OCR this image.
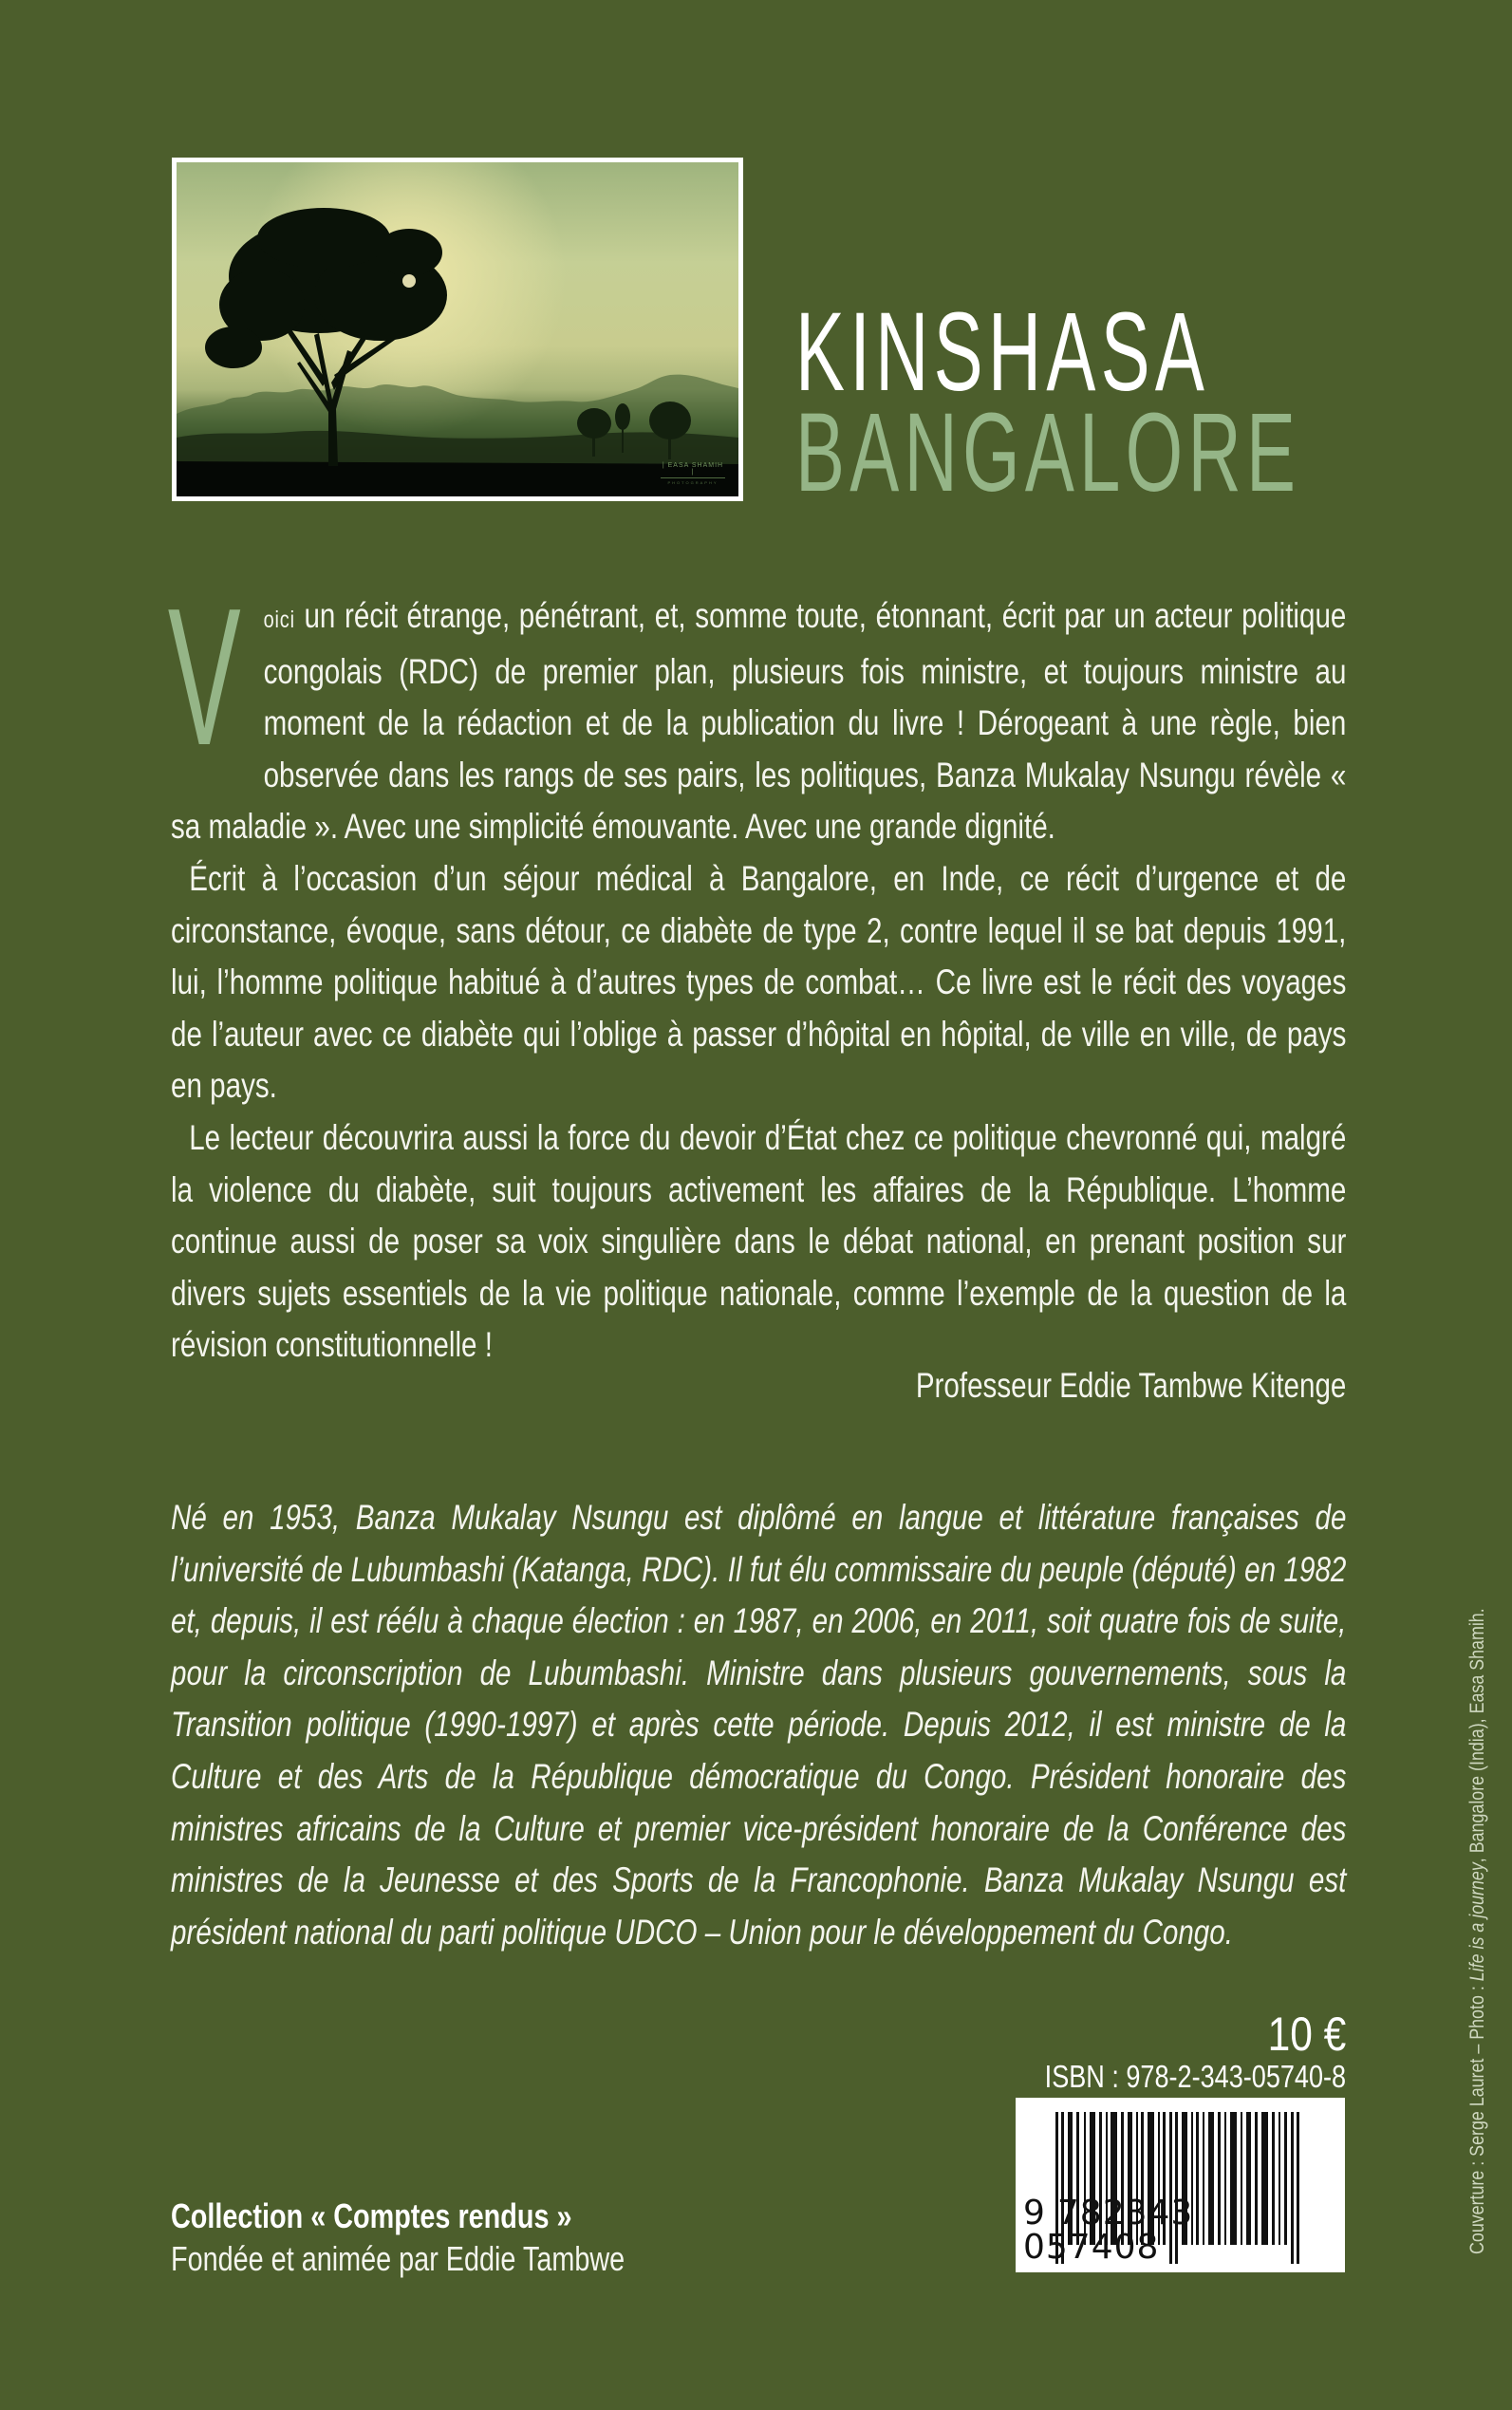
| EASA SHAMIH |
PHOTOGRAPHY
KINSHASA
BANGALORE

Voici un récit étrange, pénétrant, et, somme toute, étonnant, écrit par un acteur politique congolais (RDC) de premier plan, plusieurs fois ministre, et toujours ministre au moment de la rédaction et de la publication du livre ! Dérogeant à une règle, bien observée dans les rangs de ses pairs, les politiques, Banza Mukalay Nsungu révèle « sa maladie ». Avec une simplicité émouvante. Avec une grande dignité.

Écrit à l’occasion d’un séjour médical à Bangalore, en Inde, ce récit d’urgence et de circonstance, évoque, sans détour, ce diabète de type 2, contre lequel il se bat depuis 1991, lui, l’homme politique habitué à d’autres types de combat… Ce livre est le récit des voyages de l’auteur avec ce diabète qui l’oblige à passer d’hôpital en hôpital, de ville en ville, de pays en pays.

Le lecteur découvrira aussi la force du devoir d’État chez ce politique chevronné qui, malgré la violence du diabète, suit toujours activement les affaires de la République. L’homme continue aussi de poser sa voix singulière dans le débat national, en prenant position sur divers sujets essentiels de la vie politique nationale, comme l’exemple de la question de la révision constitutionnelle !

Professeur Eddie Tambwe Kitenge

Né en 1953, Banza Mukalay Nsungu est diplômé en langue et littérature françaises de l’université de Lubumbashi (Katanga, RDC). Il fut élu commissaire du peuple (député) en 1982 et, depuis, il est réélu à chaque élection : en 1987, en 2006, en 2011, soit quatre fois de suite, pour la circonscription de Lubumbashi. Ministre dans plusieurs gouvernements, sous la Transition politique (1990-1997) et après cette période. Depuis 2012, il est ministre de la Culture et des Arts de la République démocratique du Congo. Président honoraire des ministres africains de la Culture et premier vice-président honoraire de la Conférence des ministres de la Jeunesse et des Sports de la Francophonie. Banza Mukalay Nsungu est président national du parti politique UDCO – Union pour le développement du Congo.

Couverture : Serge Lauret – Photo : Life is a journey, Bangalore (India), Easa Shamih.
10 €
ISBN : 978-2-343-05740-8
9 782343057408
Collection « Comptes rendus »
Fondée et animée par Eddie Tambwe
